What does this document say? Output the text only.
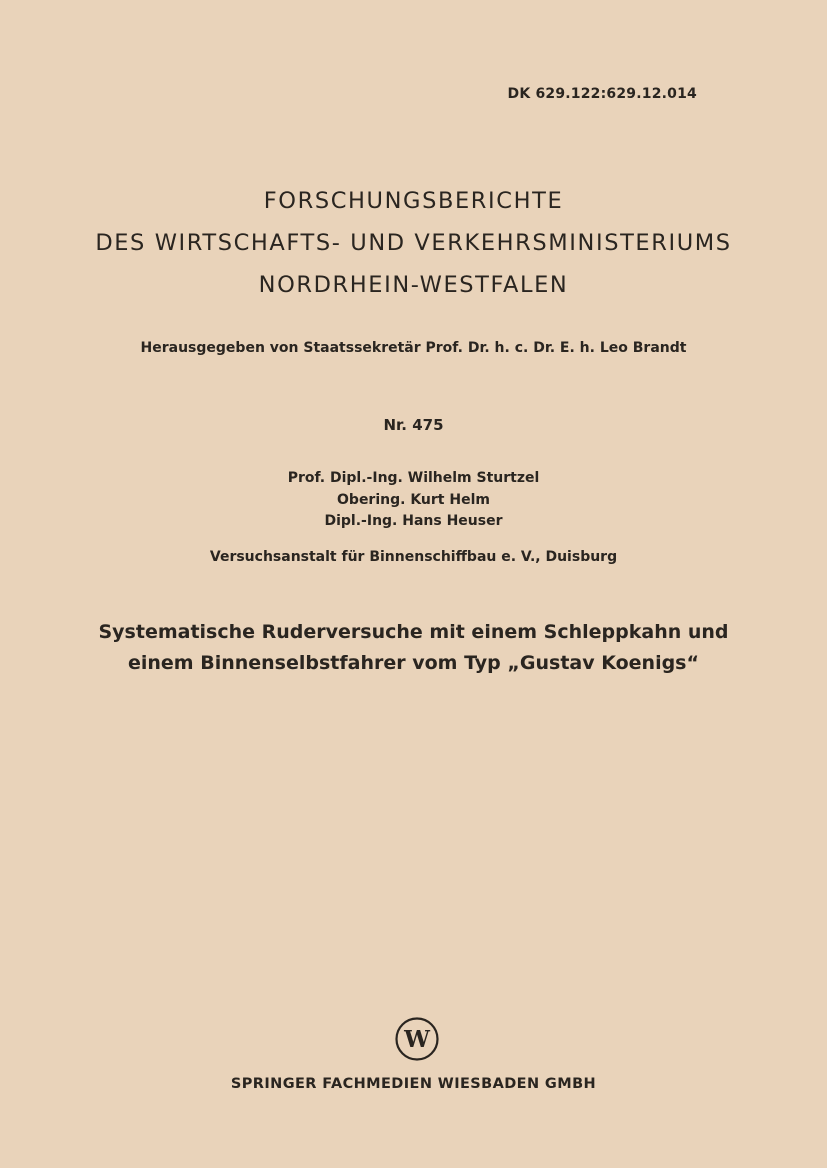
DK 629.122:629.12.014
FORSCHUNGSBERICHTE
DES WIRTSCHAFTS- UND VERKEHRSMINISTERIUMS
NORDRHEIN-WESTFALEN
Herausgegeben von Staatssekretär Prof. Dr. h. c. Dr. E. h. Leo Brandt
Nr. 475
Prof. Dipl.-Ing. Wilhelm Sturtzel
Obering. Kurt Helm
Dipl.-Ing. Hans Heuser
Versuchsanstalt für Binnenschiffbau e. V., Duisburg
Systematische Ruderversuche mit einem Schleppkahn und
einem Binnenselbstfahrer vom Typ „Gustav Koenigs“
W
SPRINGER FACHMEDIEN WIESBADEN GMBH
